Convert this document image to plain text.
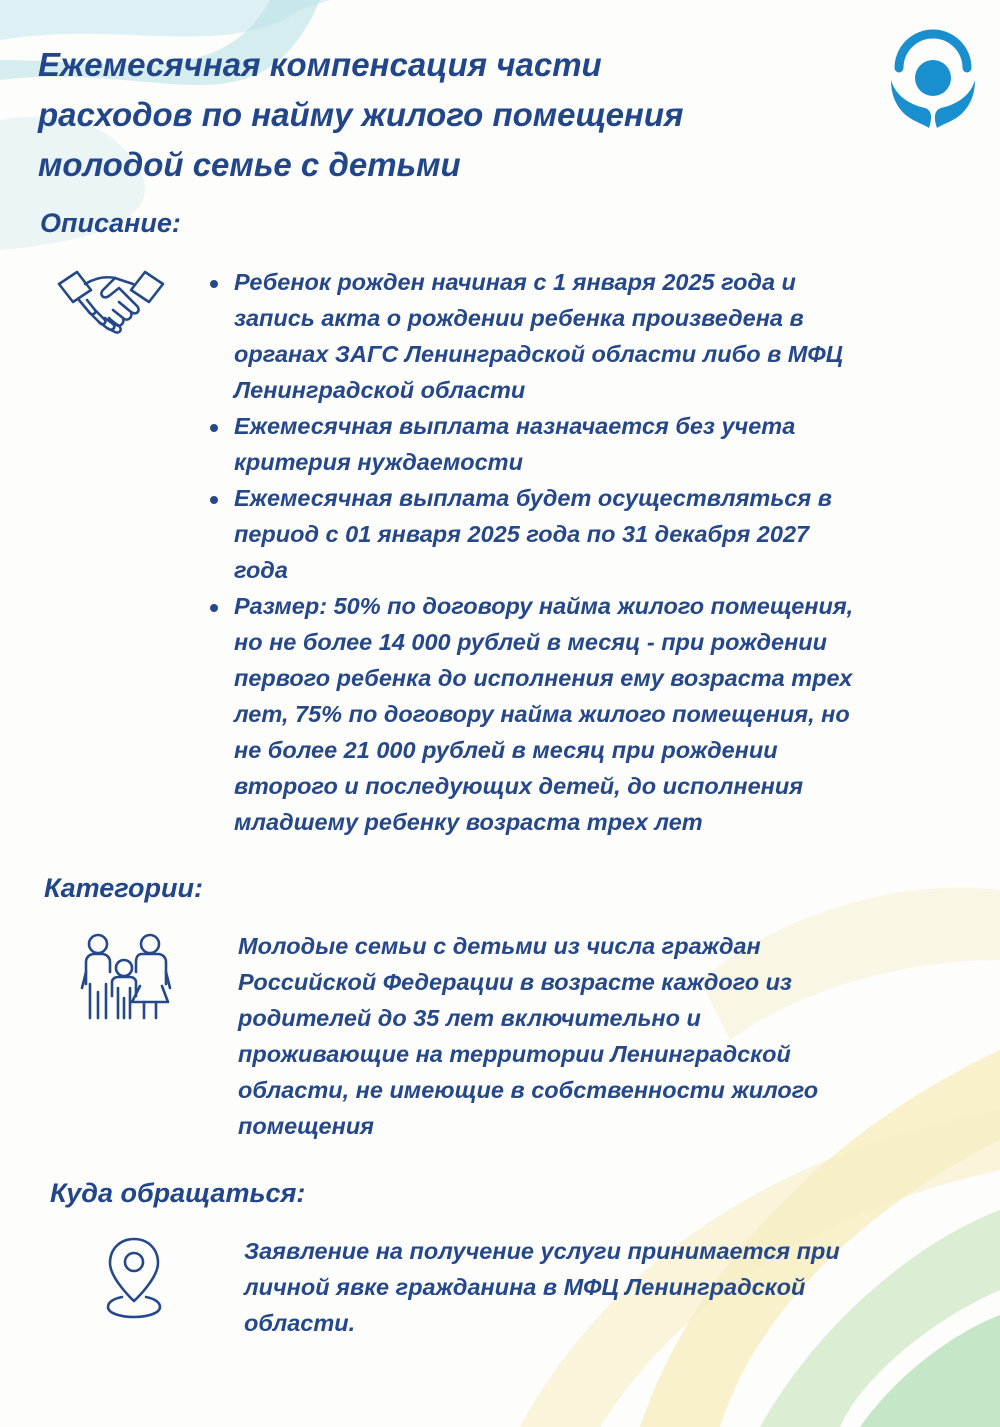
Ежемесячная компенсация части
расходов по найму жилого помещения
молодой семье с детьми
Описание:
Ребенок рожден начиная с 1 января 2025 года и
запись акта о рождении ребенка произведена в
органах ЗАГС Ленинградской области либо в МФЦ
Ленинградской области
Ежемесячная выплата назначается без учета
критерия нуждаемости
Ежемесячная выплата будет осуществляться в
период с 01 января 2025 года по 31 декабря 2027
года
Размер: 50% по договору найма жилого помещения,
но не более 14 000 рублей в месяц - при рождении
первого ребенка до исполнения ему возраста трех
лет, 75% по договору найма жилого помещения, но
не более 21 000 рублей в месяц при рождении
второго и последующих детей, до исполнения
младшему ребенку возраста трех лет
Категории:

Молодые семьи с детьми из числа граждан
Российской Федерации в возрасте каждого из
родителей до 35 лет включительно и
проживающие на территории Ленинградской
области, не имеющие в собственности жилого
помещения

Куда обращаться:

Заявление на получение услуги принимается при
личной явке гражданина в МФЦ Ленинградской
области.
